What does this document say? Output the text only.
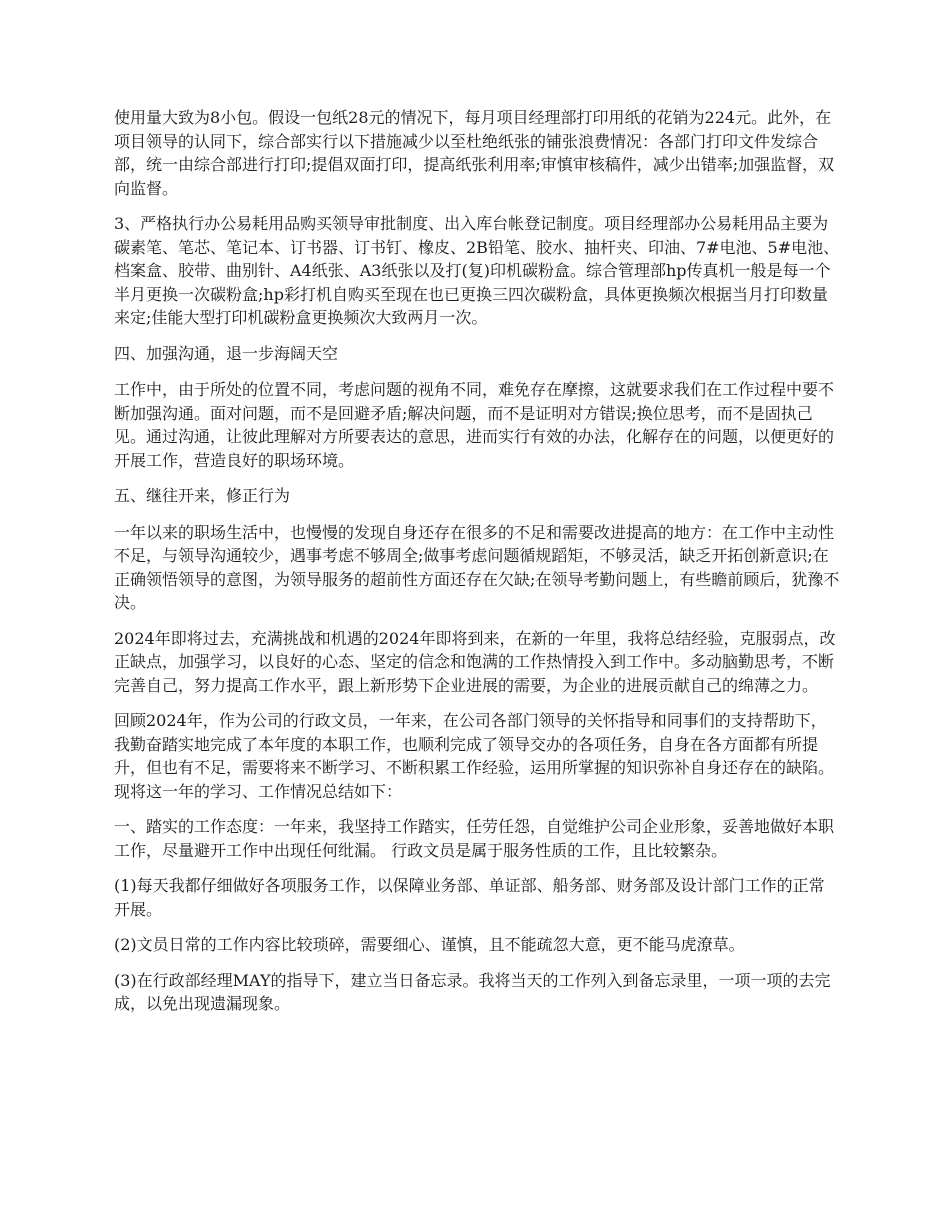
使用量大致为8小包。假设一包纸28元的情况下，每月项目经理部打印用纸的花销为224元。此外，在项目领导的认同下，综合部实行以下措施减少以至杜绝纸张的铺张浪费情况：各部门打印文件发综合部，统一由综合部进行打印;提倡双面打印，提高纸张利用率;审慎审核稿件，减少出错率;加强监督，双向监督。

3、严格执行办公易耗用品购买领导审批制度、出入库台帐登记制度。项目经理部办公易耗用品主要为碳素笔、笔芯、笔记本、订书器、订书钉、橡皮、2B铅笔、胶水、抽杆夹、印油、7#电池、5#电池、档案盒、胶带、曲别针、A4纸张、A3纸张以及打(复)印机碳粉盒。综合管理部hp传真机一般是每一个半月更换一次碳粉盒;hp彩打机自购买至现在也已更换三四次碳粉盒，具体更换频次根据当月打印数量来定;佳能大型打印机碳粉盒更换频次大致两月一次。

四、加强沟通，退一步海阔天空

工作中，由于所处的位置不同，考虑问题的视角不同，难免存在摩擦，这就要求我们在工作过程中要不断加强沟通。面对问题，而不是回避矛盾;解决问题，而不是证明对方错误;换位思考，而不是固执己见。通过沟通，让彼此理解对方所要表达的意思，进而实行有效的办法，化解存在的问题，以便更好的开展工作，营造良好的职场环境。

五、继往开来，修正行为

一年以来的职场生活中，也慢慢的发现自身还存在很多的不足和需要改进提高的地方：在工作中主动性不足，与领导沟通较少，遇事考虑不够周全;做事考虑问题循规蹈矩，不够灵活，缺乏开拓创新意识;在正确领悟领导的意图，为领导服务的超前性方面还存在欠缺;在领导考勤问题上，有些瞻前顾后，犹豫不决。

2024年即将过去，充满挑战和机遇的2024年即将到来，在新的一年里，我将总结经验，克服弱点，改正缺点，加强学习，以良好的心态、坚定的信念和饱满的工作热情投入到工作中。多动脑勤思考，不断完善自己，努力提高工作水平，跟上新形势下企业进展的需要，为企业的进展贡献自己的绵薄之力。

回顾2024年，作为公司的行政文员，一年来，在公司各部门领导的关怀指导和同事们的支持帮助下，我勤奋踏实地完成了本年度的本职工作，也顺利完成了领导交办的各项任务，自身在各方面都有所提升，但也有不足，需要将来不断学习、不断积累工作经验，运用所掌握的知识弥补自身还存在的缺陷。现将这一年的学习、工作情况总结如下：

一、踏实的工作态度：一年来，我坚持工作踏实，任劳任怨，自觉维护公司企业形象，妥善地做好本职工作，尽量避开工作中出现任何纰漏。 行政文员是属于服务性质的工作，且比较繁杂。

(1)每天我都仔细做好各项服务工作，以保障业务部、单证部、船务部、财务部及设计部门工作的正常开展。

(2)文员日常的工作内容比较琐碎，需要细心、谨慎，且不能疏忽大意，更不能马虎潦草。

(3)在行政部经理MAY的指导下，建立当日备忘录。我将当天的工作列入到备忘录里，一项一项的去完成，以免出现遗漏现象。
